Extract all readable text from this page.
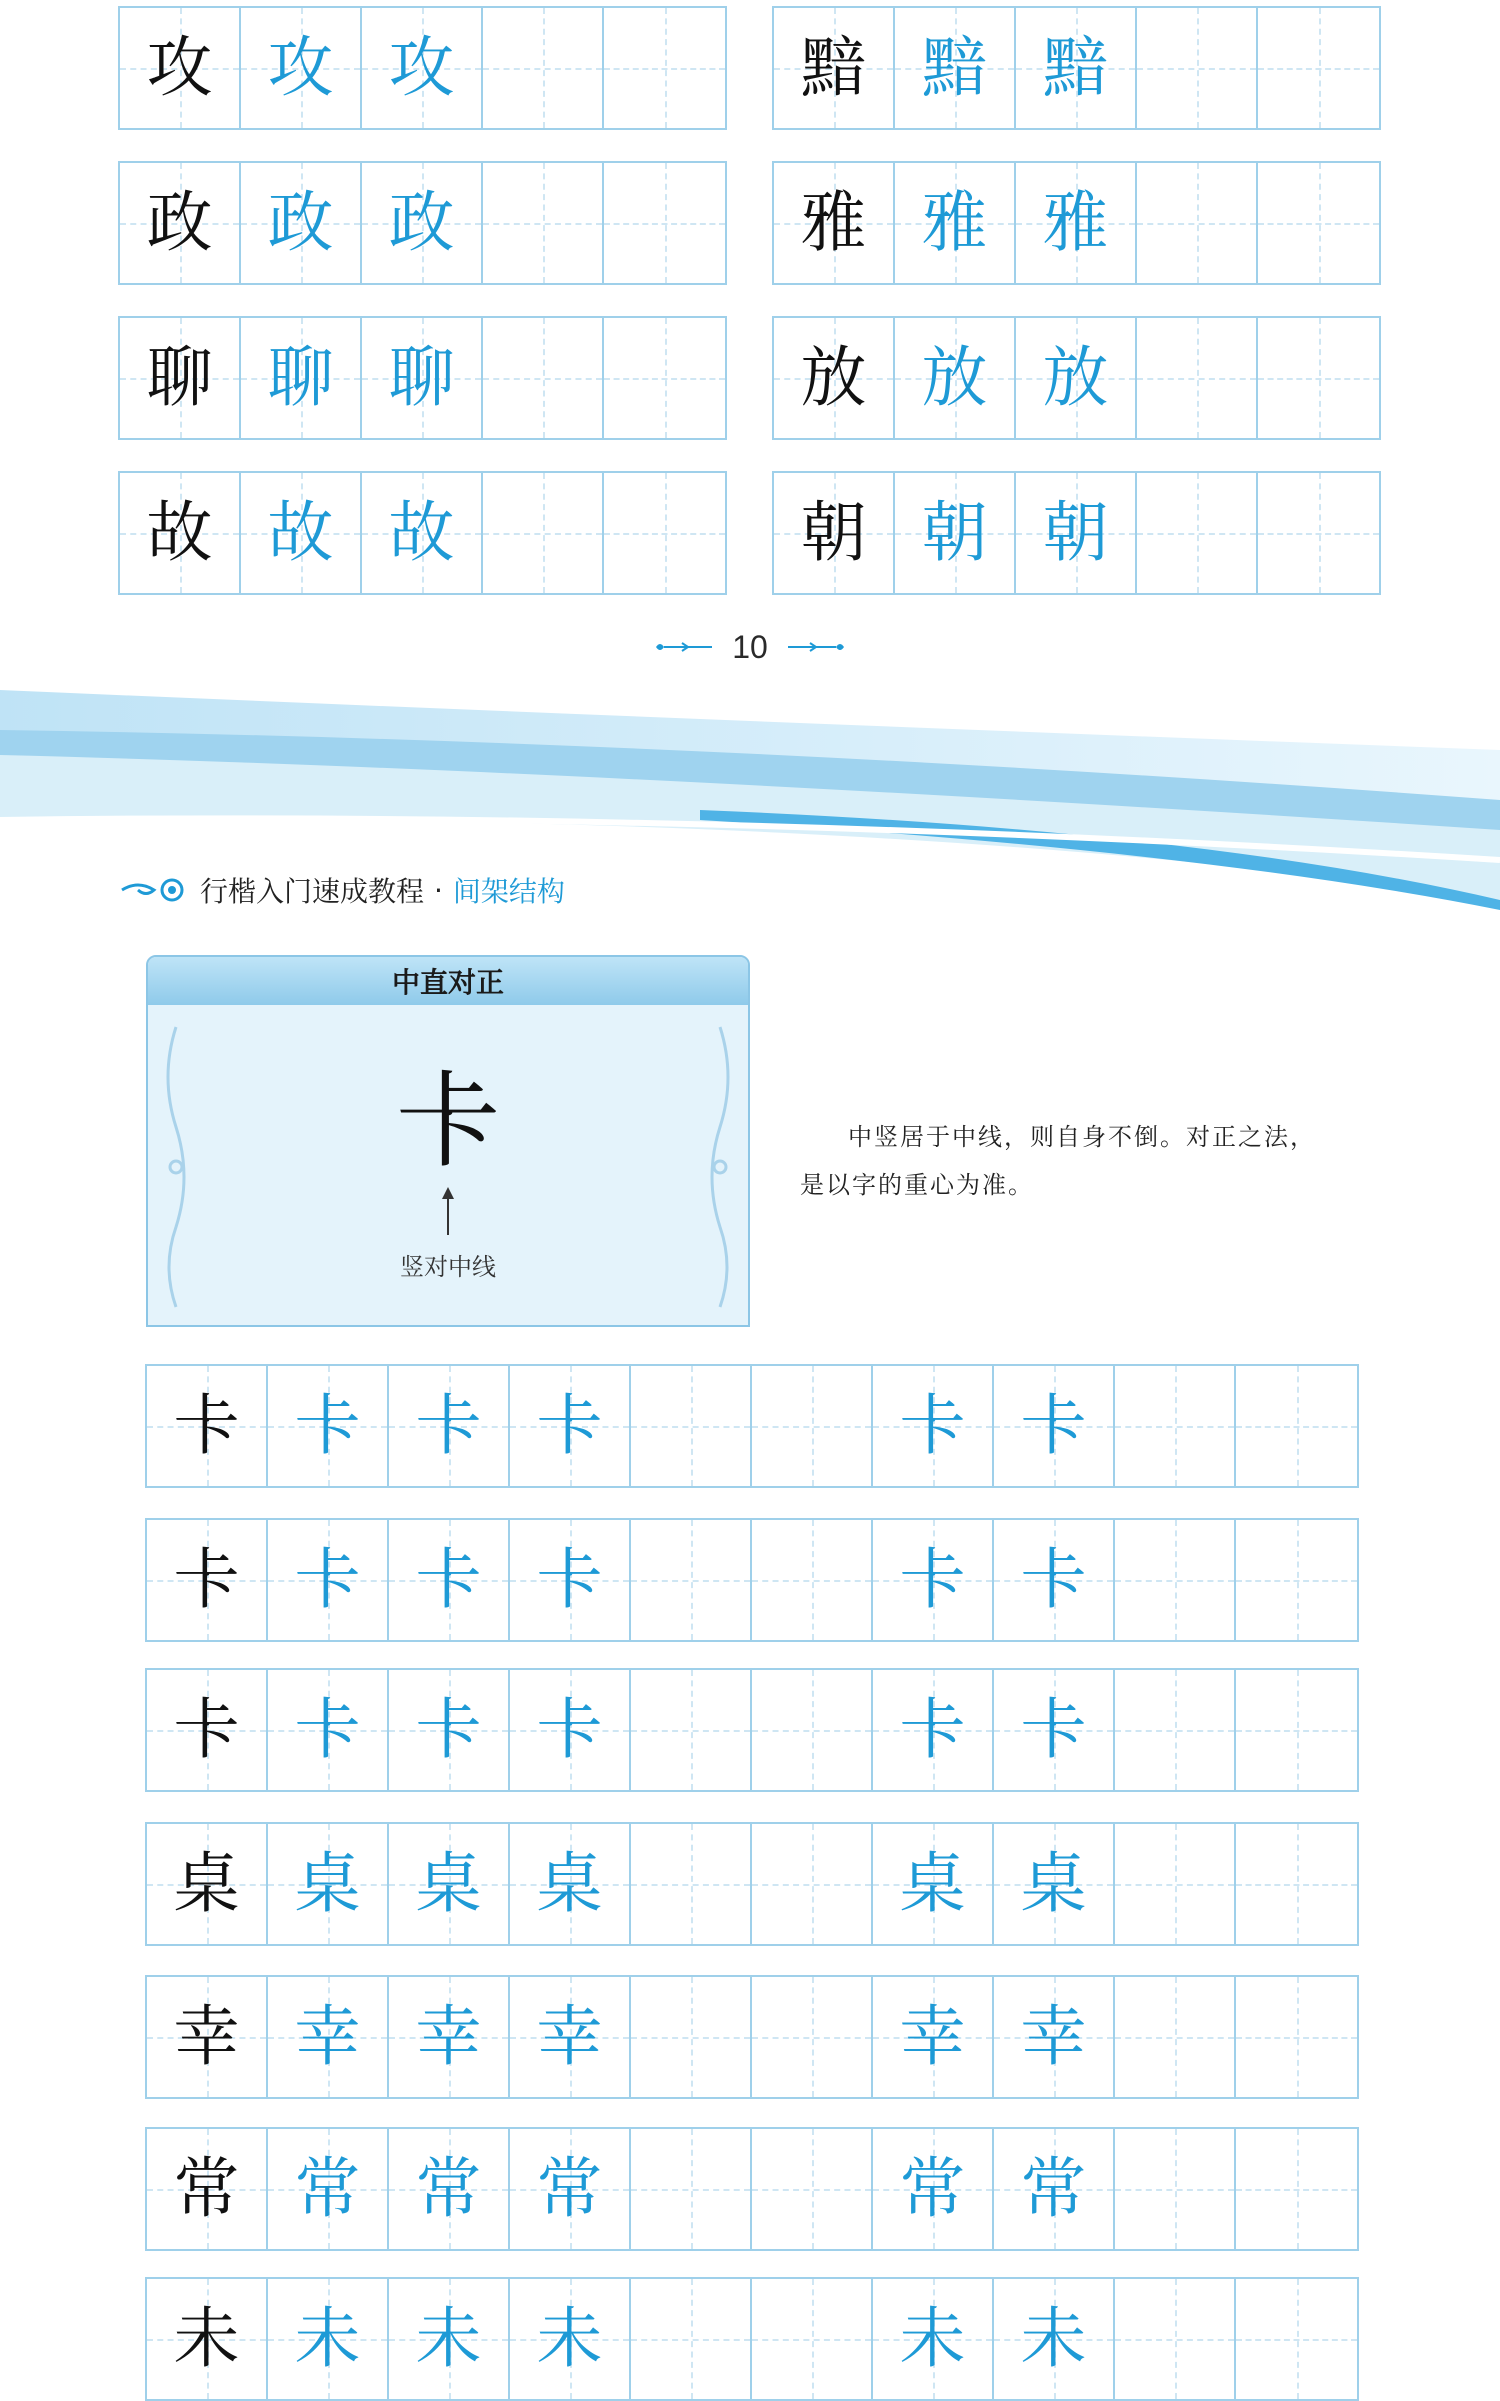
攻 攻 攻
政 政 政
聊 聊 聊
故 故 故
黯 黯 黯
雅 雅 雅
放 放 放
朝 朝 朝
10
行楷入门速成教程 · 间架结构
中直对正
卡
竖对中线
中竖居于中线，则自身不倒。对正之法，是以字的重心为准。
卡 卡 卡 卡	卡 卡
卡 卡 卡 卡	卡 卡
卡 卡 卡 卡	卡 卡
桌 桌 桌 桌	桌 桌
幸 幸 幸 幸	幸 幸
常 常 常 常	常 常
未 未 未 未	未 未
